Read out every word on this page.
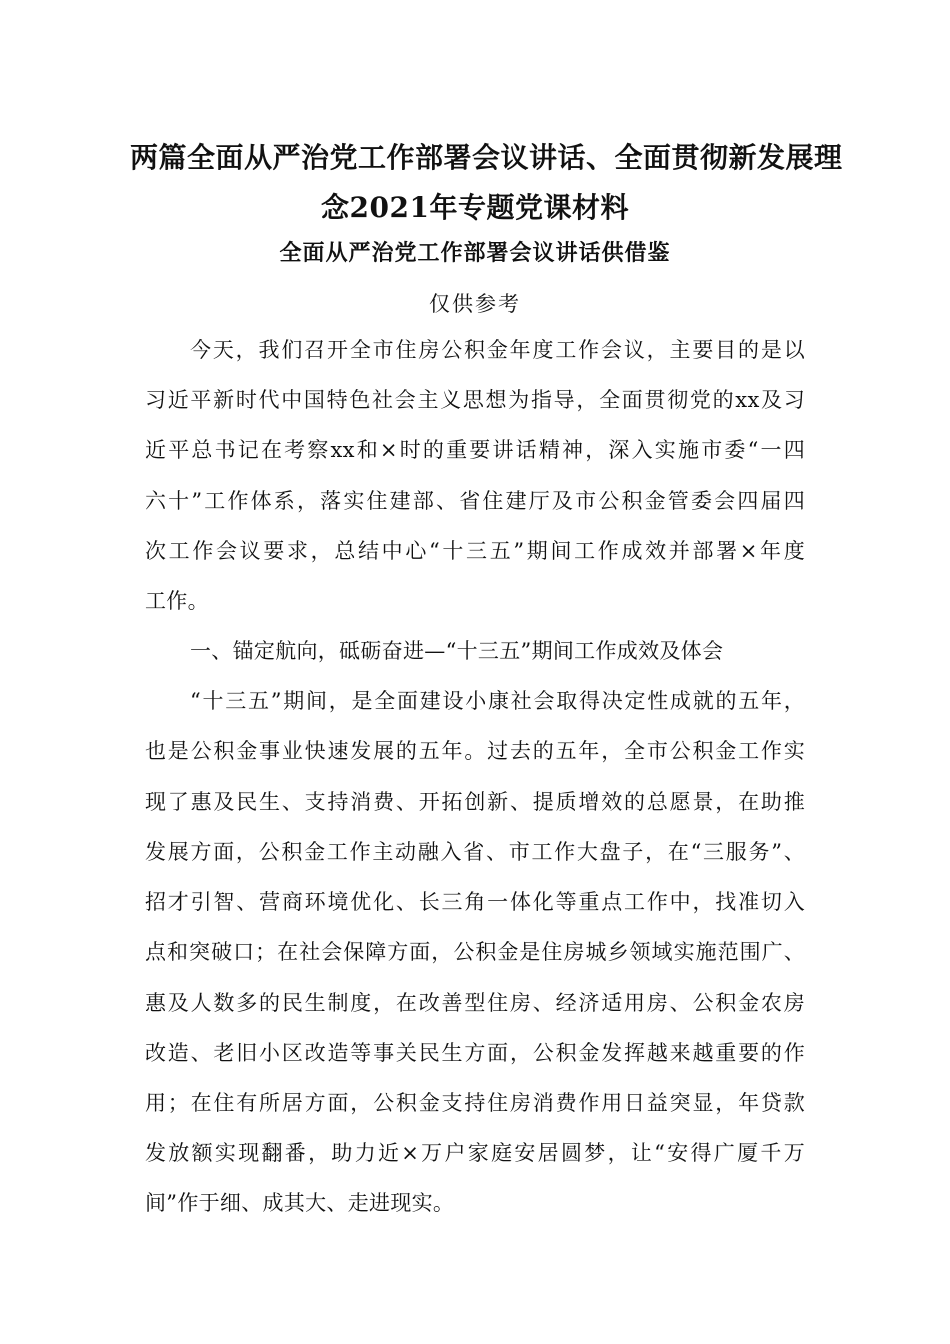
两篇全面从严治党工作部署会议讲话、全面贯彻新发展理
念2021年专题党课材料
全面从严治党工作部署会议讲话供借鉴
仅供参考
今天，我们召开全市住房公积金年度工作会议，主要目的是以
习近平新时代中国特色社会主义思想为指导，全面贯彻党的xx及习
近平总书记在考察xx和×时的重要讲话精神，深入实施市委“一四
六十”工作体系，落实住建部、省住建厅及市公积金管委会四届四
次工作会议要求，总结中心“十三五”期间工作成效并部署×年度
工作。
一、锚定航向，砥砺奋进—“十三五”期间工作成效及体会
“十三五”期间，是全面建设小康社会取得决定性成就的五年，
也是公积金事业快速发展的五年。过去的五年，全市公积金工作实
现了惠及民生、支持消费、开拓创新、提质增效的总愿景，在助推
发展方面，公积金工作主动融入省、市工作大盘子，在“三服务”、
招才引智、营商环境优化、长三角一体化等重点工作中，找准切入
点和突破口；在社会保障方面，公积金是住房城乡领域实施范围广、
惠及人数多的民生制度，在改善型住房、经济适用房、公积金农房
改造、老旧小区改造等事关民生方面，公积金发挥越来越重要的作
用；在住有所居方面，公积金支持住房消费作用日益突显，年贷款
发放额实现翻番，助力近×万户家庭安居圆梦，让“安得广厦千万
间”作于细、成其大、走进现实。
